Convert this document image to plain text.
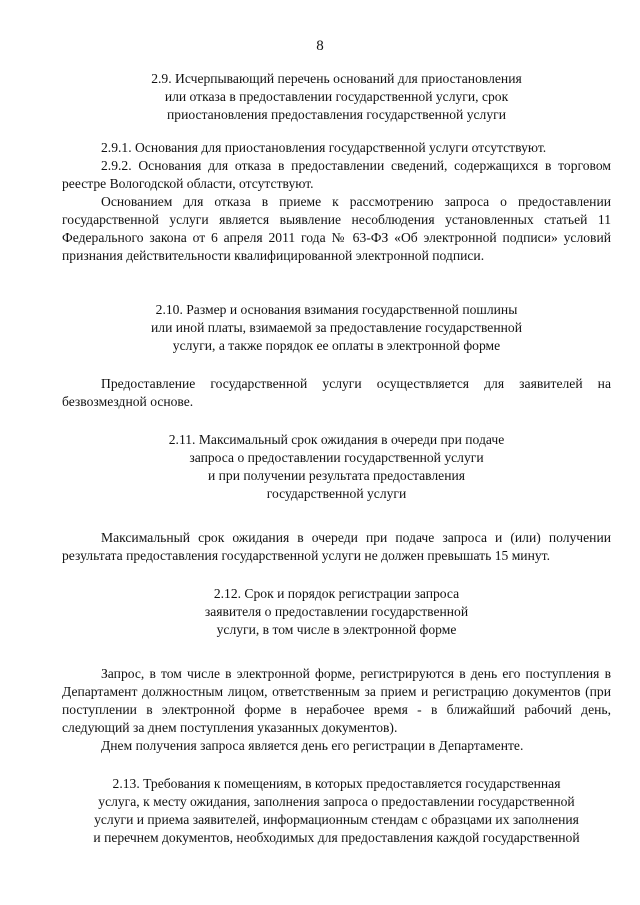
8
2.9. Исчерпывающий перечень оснований для приостановления
или отказа в предоставлении государственной услуги, срок
приостановления предоставления государственной услуги

2.9.1. Основания для приостановления государственной услуги отсутствуют.

2.9.2. Основания для отказа в предоставлении сведений, содержащихся в торговом реестре Вологодской области, отсутствуют.

Основанием для отказа в приеме к рассмотрению запроса о предоставлении государственной услуги является выявление несоблюдения установленных статьей 11 Федерального закона от 6 апреля 2011 года № 63-ФЗ «Об электронной подписи» условий признания действительности квалифицированной электронной подписи.

2.10. Размер и основания взимания государственной пошлины
или иной платы, взимаемой за предоставление государственной
услуги, а также порядок ее оплаты в электронной форме

Предоставление государственной услуги осуществляется для заявителей на безвозмездной основе.

2.11. Максимальный срок ожидания в очереди при подаче
запроса о предоставлении государственной услуги
и при получении результата предоставления
государственной услуги

Максимальный срок ожидания в очереди при подаче запроса и (или) получении результата предоставления государственной услуги не должен превышать 15 минут.

2.12. Срок и порядок регистрации запроса
заявителя о предоставлении государственной
услуги, в том числе в электронной форме

Запрос, в том числе в электронной форме, регистрируются в день его поступления в Департамент должностным лицом, ответственным за прием и регистрацию документов (при поступлении в электронной форме в нерабочее время - в ближайший рабочий день, следующий за днем поступления указанных документов).

Днем получения запроса является день его регистрации в Департаменте.

2.13. Требования к помещениям, в которых предоставляется государственная
услуга, к месту ожидания, заполнения запроса о предоставлении государственной
услуги и приема заявителей, информационным стендам с образцами их заполнения
и перечнем документов, необходимых для предоставления каждой государственной
